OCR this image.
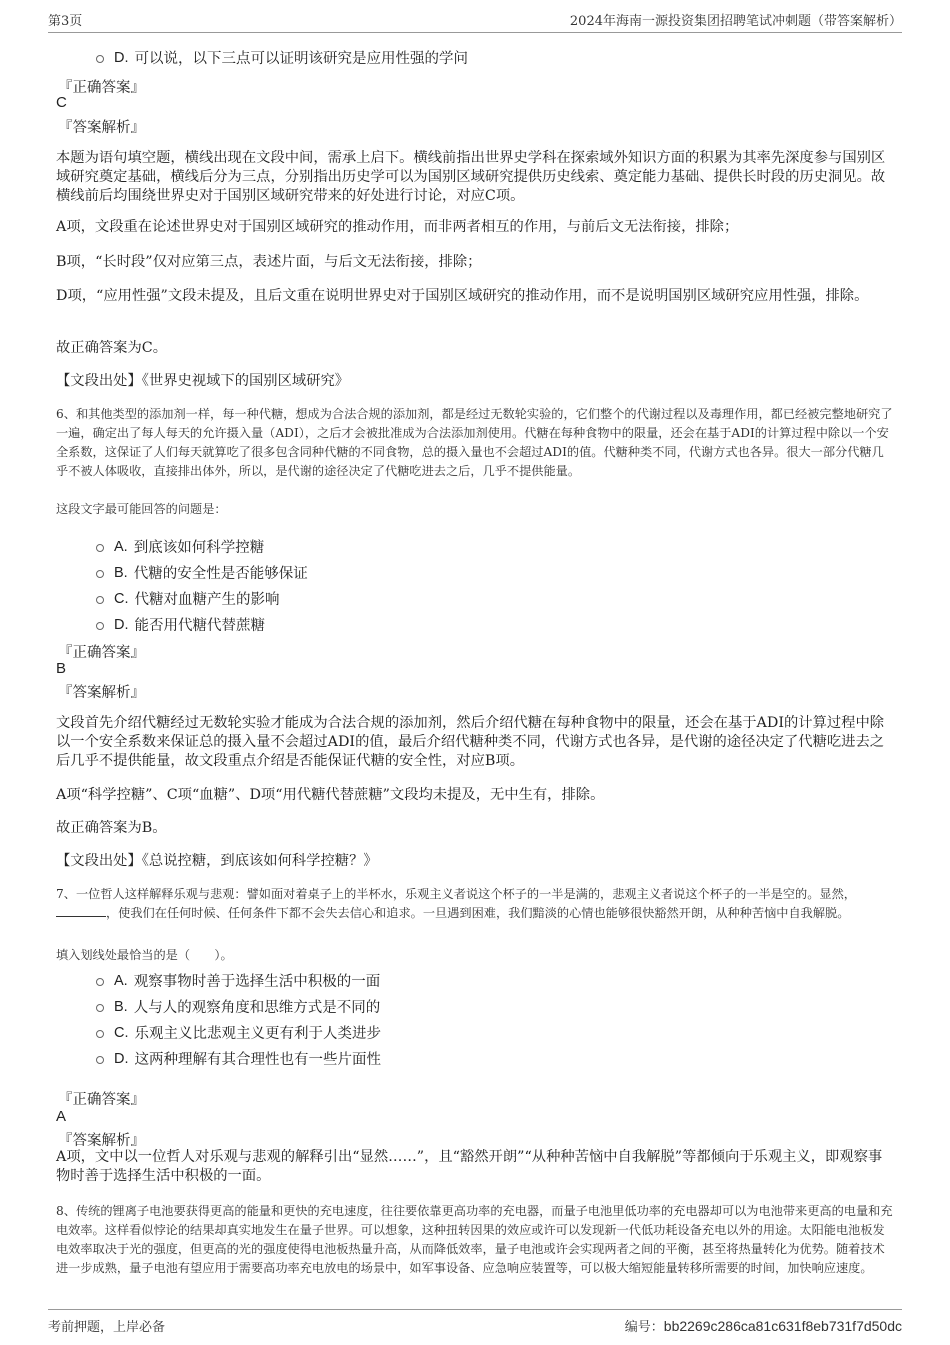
第3页	2024年海南一源投资集团招聘笔试冲刺题（带答案解析）
D. 可以说，以下三点可以证明该研究是应用性强的学问
『正确答案』
C
『答案解析』
本题为语句填空题，横线出现在文段中间，需承上启下。横线前指出世界史学科在探索域外知识方面的积累为其率先深度参与国别区域研究奠定基础，横线后分为三点，分别指出历史学可以为国别区域研究提供历史线索、奠定能力基础、提供长时段的历史洞见。故横线前后均围绕世界史对于国别区域研究带来的好处进行讨论，对应C项。
A项，文段重在论述世界史对于国别区域研究的推动作用，而非两者相互的作用，与前后文无法衔接，排除；
B项，“长时段”仅对应第三点，表述片面，与后文无法衔接，排除；
D项，“应用性强”文段未提及，且后文重在说明世界史对于国别区域研究的推动作用，而不是说明国别区域研究应用性强，排除。
故正确答案为C。
【文段出处】《世界史视域下的国别区域研究》
6、和其他类型的添加剂一样，每一种代糖，想成为合法合规的添加剂，都是经过无数轮实验的，它们整个的代谢过程以及毒理作用，都已经被完整地研究了一遍，确定出了每人每天的允许摄入量（ADI），之后才会被批准成为合法添加剂使用。代糖在每种食物中的限量，还会在基于ADI的计算过程中除以一个安全系数，这保证了人们每天就算吃了很多包含同种代糖的不同食物，总的摄入量也不会超过ADI的值。代糖种类不同，代谢方式也各异。很大一部分代糖几乎不被人体吸收，直接排出体外，所以，是代谢的途径决定了代糖吃进去之后，几乎不提供能量。
这段文字最可能回答的问题是：
A. 到底该如何科学控糖
B. 代糖的安全性是否能够保证
C. 代糖对血糖产生的影响
D. 能否用代糖代替蔗糖
『正确答案』
B
『答案解析』
文段首先介绍代糖经过无数轮实验才能成为合法合规的添加剂，然后介绍代糖在每种食物中的限量，还会在基于ADI的计算过程中除以一个安全系数来保证总的摄入量不会超过ADI的值，最后介绍代糖种类不同，代谢方式也各异，是代谢的途径决定了代糖吃进去之后几乎不提供能量，故文段重点介绍是否能保证代糖的安全性，对应B项。
A项“科学控糖”、C项“血糖”、D项“用代糖代替蔗糖”文段均未提及，无中生有，排除。
故正确答案为B。
【文段出处】《总说控糖，到底该如何科学控糖？》
7、一位哲人这样解释乐观与悲观：譬如面对着桌子上的半杯水，乐观主义者说这个杯子的一半是满的，悲观主义者说这个杯子的一半是空的。显然，，使我们在任何时候、任何条件下都不会失去信心和追求。一旦遇到困难，我们黯淡的心情也能够很快豁然开朗，从种种苦恼中自我解脱。
填入划线处最恰当的是（　　）。
A. 观察事物时善于选择生活中积极的一面
B. 人与人的观察角度和思维方式是不同的
C. 乐观主义比悲观主义更有利于人类进步
D. 这两种理解有其合理性也有一些片面性
『正确答案』
A
『答案解析』
A项，文中以一位哲人对乐观与悲观的解释引出“显然……”，且“豁然开朗”“从种种苦恼中自我解脱”等都倾向于乐观主义，即观察事物时善于选择生活中积极的一面。
8、传统的锂离子电池要获得更高的能量和更快的充电速度，往往要依靠更高功率的充电器，而量子电池里低功率的充电器却可以为电池带来更高的电量和充电效率。这样看似悖论的结果却真实地发生在量子世界。可以想象，这种扭转因果的效应或许可以发现新一代低功耗设备充电以外的用途。太阳能电池板发电效率取决于光的强度，但更高的光的强度使得电池板热量升高，从而降低效率，量子电池或许会实现两者之间的平衡，甚至将热量转化为优势。随着技术进一步成熟，量子电池有望应用于需要高功率充电放电的场景中，如军事设备、应急响应装置等，可以极大缩短能量转移所需要的时间，加快响应速度。
考前押题，上岸必备	编号：bb2269c286ca81c631f8eb731f7d50dc
